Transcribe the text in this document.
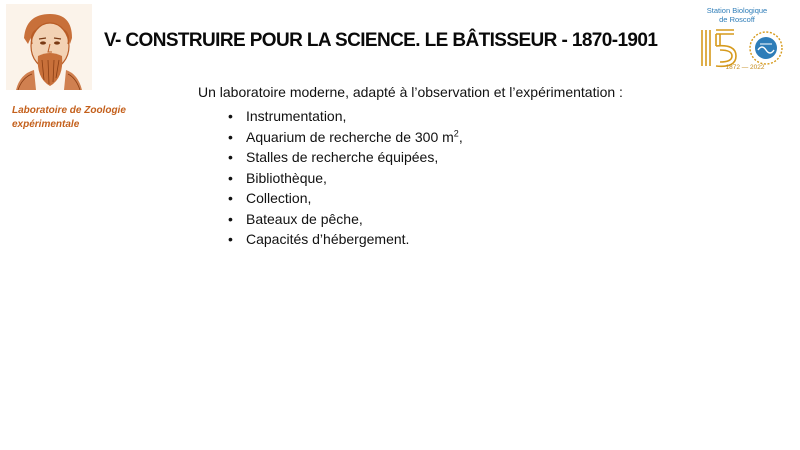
Laboratoire de Zoologie
expérimentale
V- CONSTRUIRE POUR LA SCIENCE. LE BÂTISSEUR - 1870-1901
Station Biologique
de Roscoff
1872 — 2022
Un laboratoire moderne, adapté à l’observation et l’expérimentation :
• Instrumentation,
• Aquarium de recherche de 300 $m^2$,
• Stalles de recherche équipées,
• Bibliothèque,
• Collection,
• Bateaux de pêche,
• Capacités d’hébergement.
